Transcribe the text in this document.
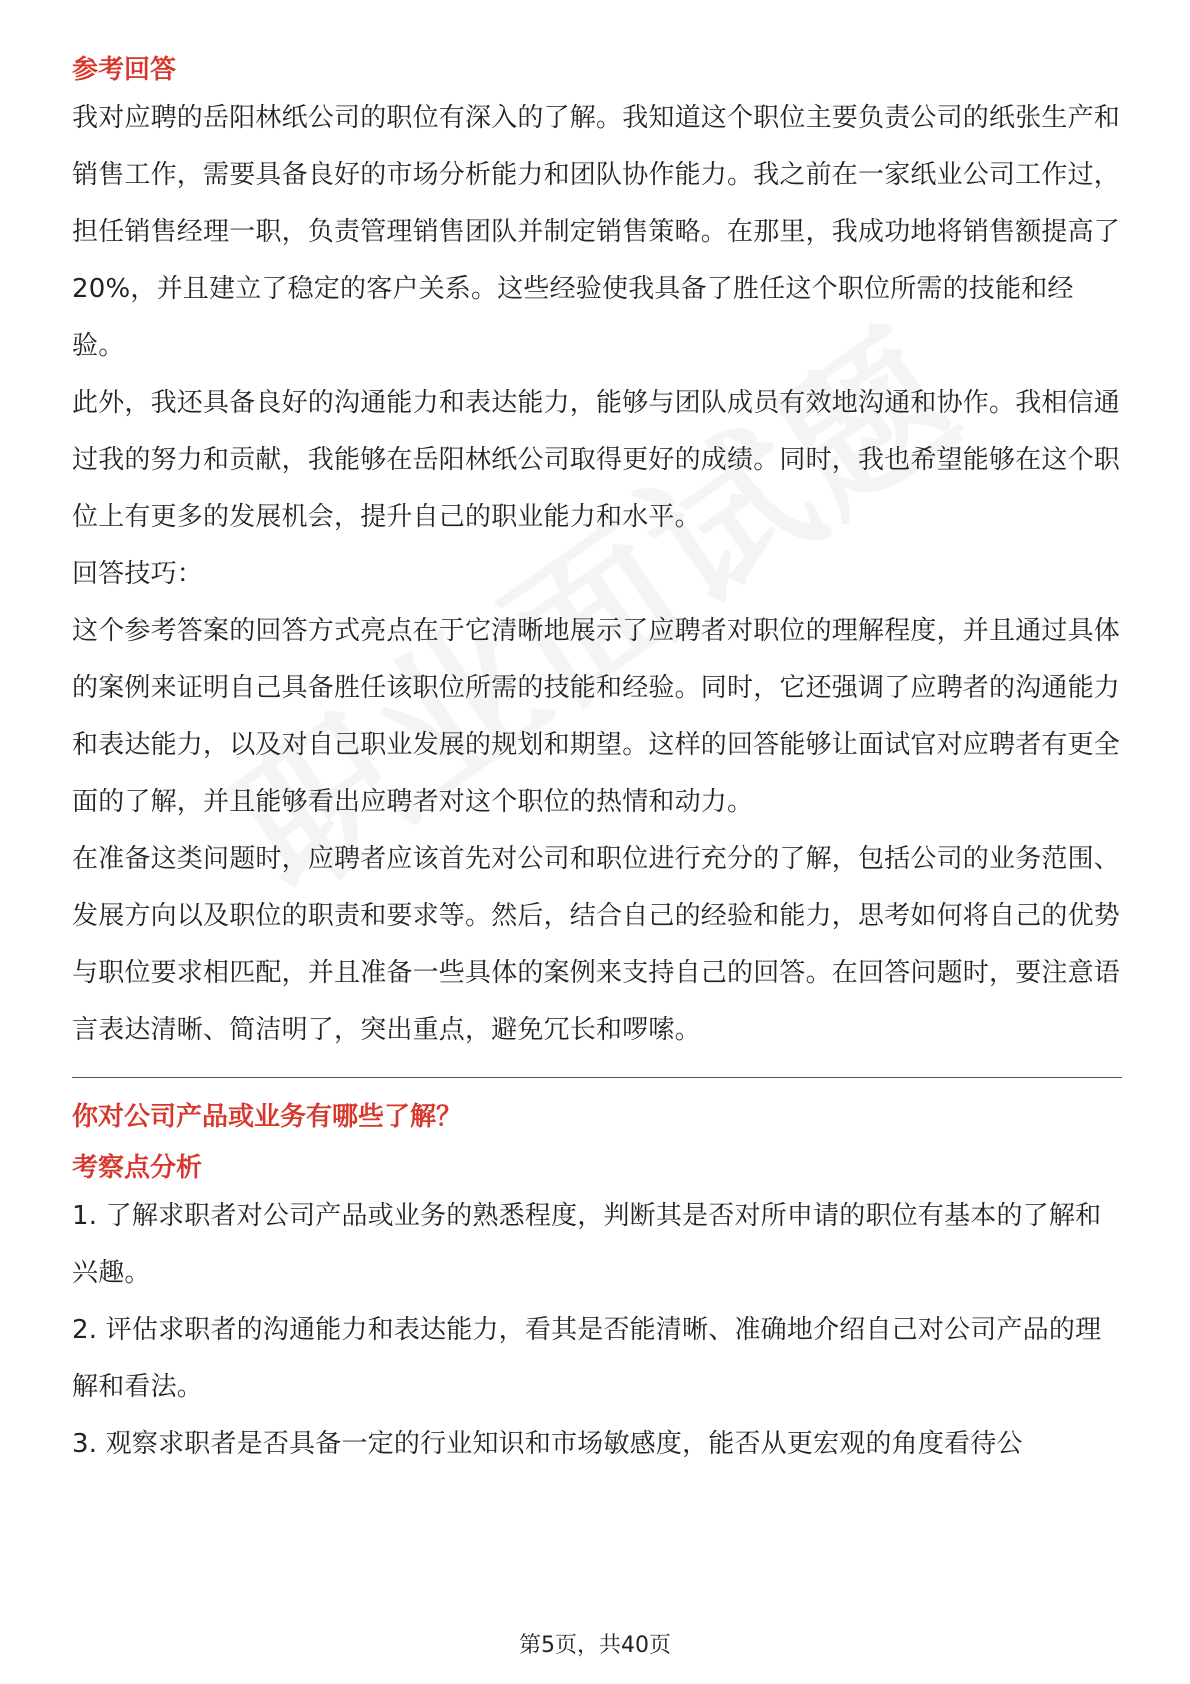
参考回答

我对应聘的岳阳林纸公司的职位有深入的了解。我知道这个职位主要负责公司的纸张生产和销售工作，需要具备良好的市场分析能力和团队协作能力。我之前在一家纸业公司工作过，担任销售经理一职，负责管理销售团队并制定销售策略。在那里，我成功地将销售额提高了20%，并且建立了稳定的客户关系。这些经验使我具备了胜任这个职位所需的技能和经验。

此外，我还具备良好的沟通能力和表达能力，能够与团队成员有效地沟通和协作。我相信通过我的努力和贡献，我能够在岳阳林纸公司取得更好的成绩。同时，我也希望能够在这个职位上有更多的发展机会，提升自己的职业能力和水平。

回答技巧：

这个参考答案的回答方式亮点在于它清晰地展示了应聘者对职位的理解程度，并且通过具体的案例来证明自己具备胜任该职位所需的技能和经验。同时，它还强调了应聘者的沟通能力和表达能力，以及对自己职业发展的规划和期望。这样的回答能够让面试官对应聘者有更全面的了解，并且能够看出应聘者对这个职位的热情和动力。

在准备这类问题时，应聘者应该首先对公司和职位进行充分的了解，包括公司的业务范围、发展方向以及职位的职责和要求等。然后，结合自己的经验和能力，思考如何将自己的优势与职位要求相匹配，并且准备一些具体的案例来支持自己的回答。在回答问题时，要注意语言表达清晰、简洁明了，突出重点，避免冗长和啰嗦。

你对公司产品或业务有哪些了解？
考察点分析

1. 了解求职者对公司产品或业务的熟悉程度，判断其是否对所申请的职位有基本的了解和兴趣。

2. 评估求职者的沟通能力和表达能力，看其是否能清晰、准确地介绍自己对公司产品的理解和看法。

3. 观察求职者是否具备一定的行业知识和市场敏感度，能否从更宏观的角度看待公

第5页，共40页
